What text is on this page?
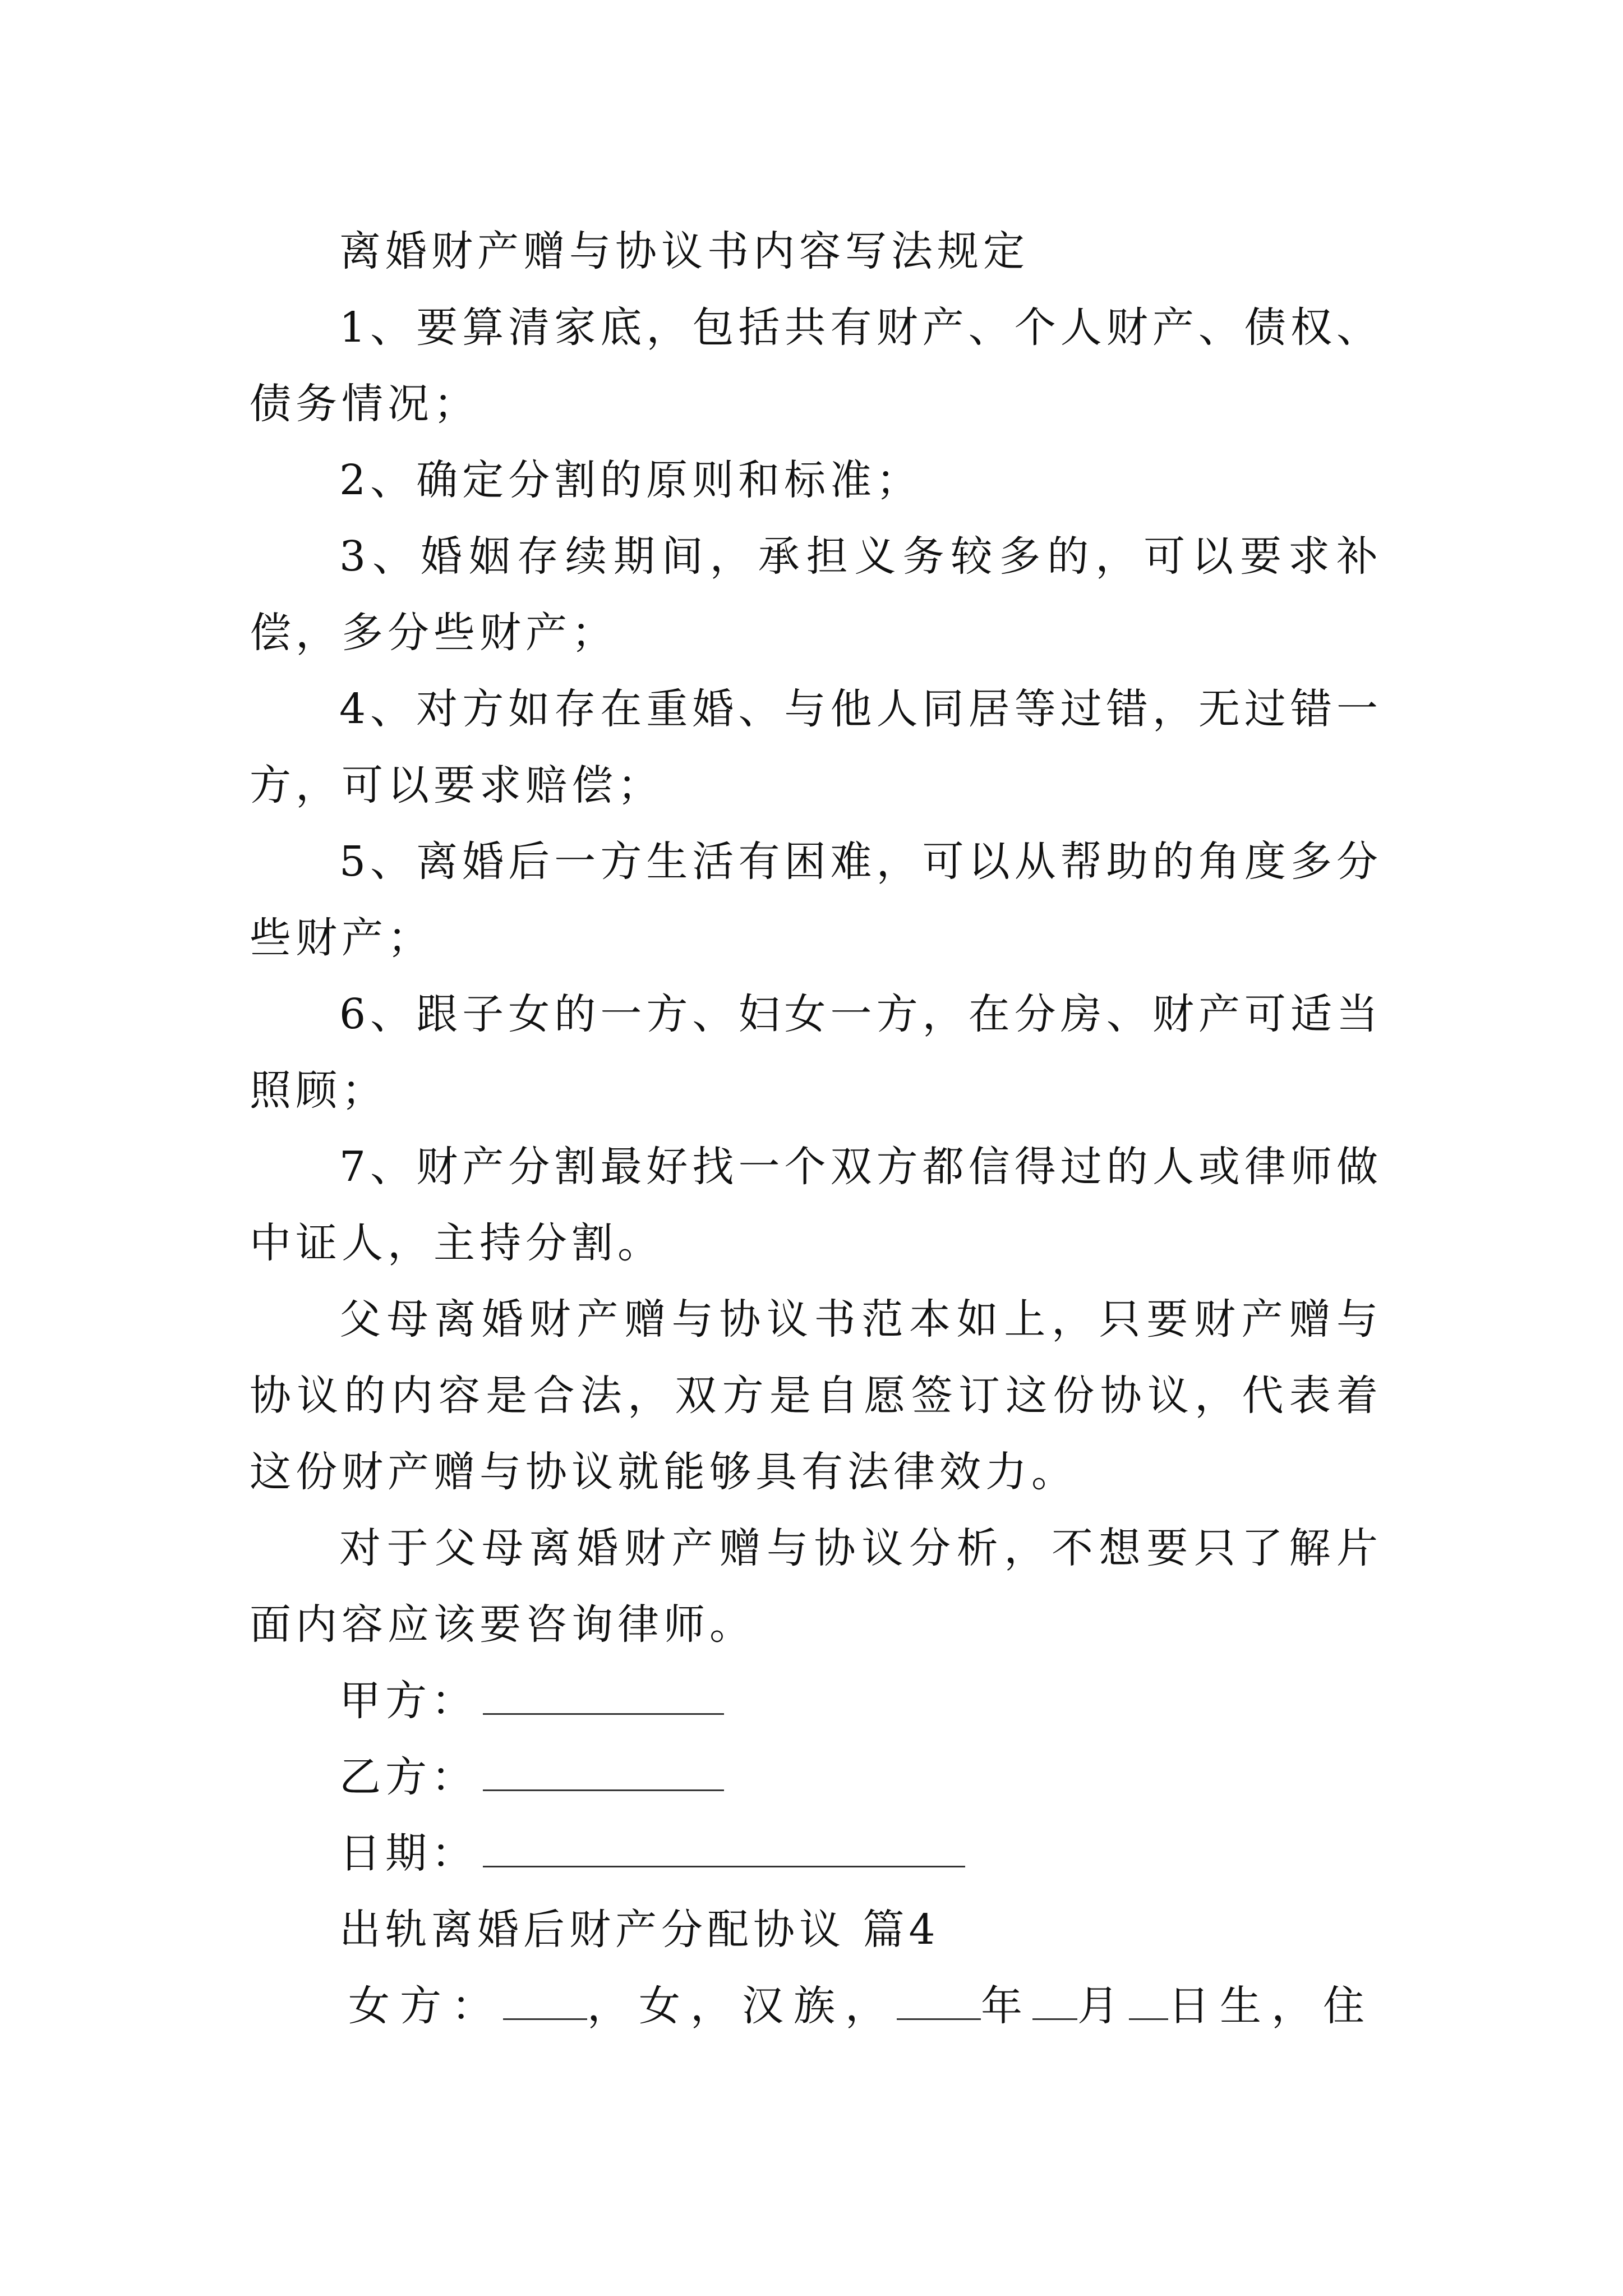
离婚财产赠与协议书内容写法规定

1、要算清家底，包括共有财产、个人财产、债权、债务情况；

2、确定分割的原则和标准；

3、婚姻存续期间，承担义务较多的，可以要求补偿，多分些财产；

4、对方如存在重婚、与他人同居等过错，无过错一方，可以要求赔偿；

5、离婚后一方生活有困难，可以从帮助的角度多分些财产；

6、跟子女的一方、妇女一方，在分房、财产可适当照顾；

7、财产分割最好找一个双方都信得过的人或律师做中证人，主持分割。

父母离婚财产赠与协议书范本如上，只要财产赠与协议的内容是合法，双方是自愿签订这份协议，代表着这份财产赠与协议就能够具有法律效力。

对于父母离婚财产赠与协议分析，不想要只了解片面内容应该要咨询律师。

甲方：

乙方：

日期：

出轨离婚后财产分配协议 篇4

女方： ，女，汉族， 年 月 日生，住
